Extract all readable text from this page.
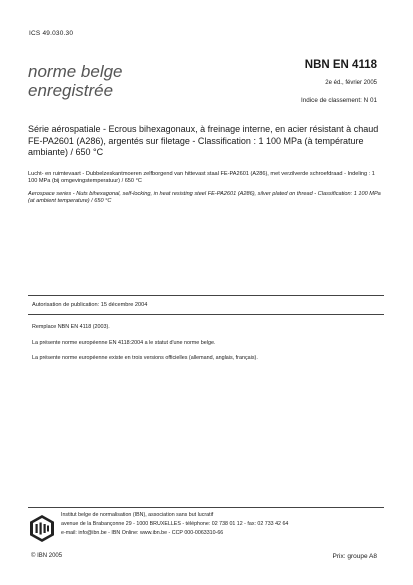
ICS 49.030.30
norme belge
enregistrée
NBN EN 4118
2e éd., février 2005
Indice de classement: N 01
Série aérospatiale - Ecrous bihexagonaux, à freinage interne, en acier résistant à chaud FE-PA2601 (A286), argentés sur filetage - Classification : 1 100 MPa (à température ambiante) / 650 °C
Lucht- en ruimtevaart - Dubbelzeskantmoeren zelfborgend van hittevast staal FE-PA2601 (A286), met verzilverde schroefdraad - Indeling : 1 100 MPa (bij omgevingstemperatuur) / 650 °C
Aerospace series - Nuts bihexagonal, self-locking, in heat resisting steel FE-PA2601 (A286), silver plated on thread - Classification: 1 100 MPa (at ambient temperature) / 650 °C
Autorisation de publication: 15 décembre 2004
Remplace NBN EN 4118 (2003).
La présente norme européenne EN 4118:2004 a le statut d'une norme belge.
La présente norme européenne existe en trois versions officielles (allemand, anglais, français).
Institut belge de normalisation (IBN), association sans but lucratif
avenue de la Brabançonne 29 - 1000 BRUXELLES - téléphone: 02 738 01 12 - fax: 02 733 42 64
e-mail: info@ibn.be - IBN Online: www.ibn.be - CCP 000-0063310-66
© IBN 2005	Prix: groupe A8
